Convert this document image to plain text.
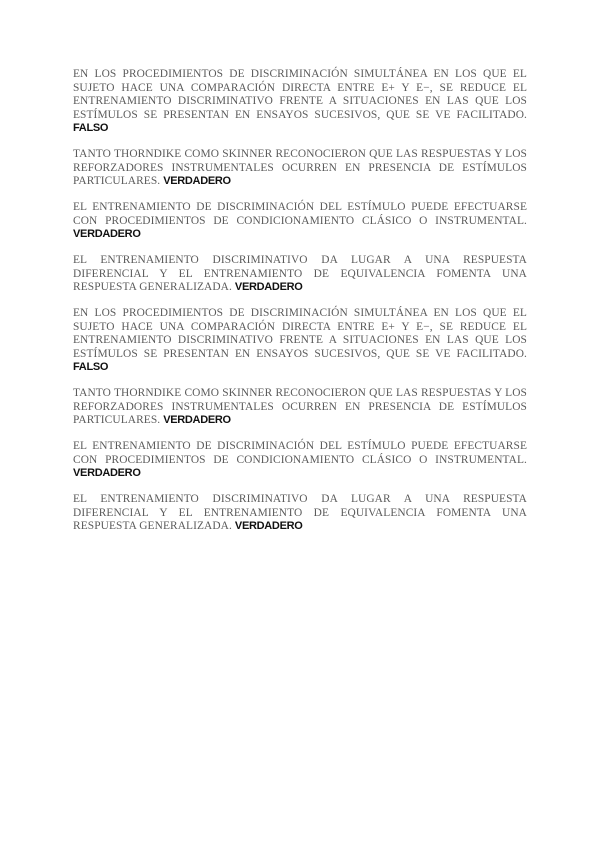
EN LOS PROCEDIMIENTOS DE DISCRIMINACIÓN SIMULTÁNEA EN LOS QUE EL SUJETO HACE UNA COMPARACIÓN DIRECTA ENTRE E+ Y E−, SE REDUCE EL ENTRENAMIENTO DISCRIMINATIVO FRENTE A SITUACIONES EN LAS QUE LOS ESTÍMULOS SE PRESENTAN EN ENSAYOS SUCESIVOS, QUE SE VE FACILITADO. FALSO

TANTO THORNDIKE COMO SKINNER RECONOCIERON QUE LAS RESPUESTAS Y LOS REFORZADORES INSTRUMENTALES OCURREN EN PRESENCIA DE ESTÍMULOS PARTICULARES. VERDADERO

EL ENTRENAMIENTO DE DISCRIMINACIÓN DEL ESTÍMULO PUEDE EFECTUARSE CON PROCEDIMIENTOS DE CONDICIONAMIENTO CLÁSICO O INSTRUMENTAL. VERDADERO

EL ENTRENAMIENTO DISCRIMINATIVO DA LUGAR A UNA RESPUESTA DIFERENCIAL Y EL ENTRENAMIENTO DE EQUIVALENCIA FOMENTA UNA RESPUESTA GENERALIZADA. VERDADERO

EN LOS PROCEDIMIENTOS DE DISCRIMINACIÓN SIMULTÁNEA EN LOS QUE EL SUJETO HACE UNA COMPARACIÓN DIRECTA ENTRE E+ Y E−, SE REDUCE EL ENTRENAMIENTO DISCRIMINATIVO FRENTE A SITUACIONES EN LAS QUE LOS ESTÍMULOS SE PRESENTAN EN ENSAYOS SUCESIVOS, QUE SE VE FACILITADO. FALSO

TANTO THORNDIKE COMO SKINNER RECONOCIERON QUE LAS RESPUESTAS Y LOS REFORZADORES INSTRUMENTALES OCURREN EN PRESENCIA DE ESTÍMULOS PARTICULARES. VERDADERO

EL ENTRENAMIENTO DE DISCRIMINACIÓN DEL ESTÍMULO PUEDE EFECTUARSE CON PROCEDIMIENTOS DE CONDICIONAMIENTO CLÁSICO O INSTRUMENTAL. VERDADERO

EL ENTRENAMIENTO DISCRIMINATIVO DA LUGAR A UNA RESPUESTA DIFERENCIAL Y EL ENTRENAMIENTO DE EQUIVALENCIA FOMENTA UNA RESPUESTA GENERALIZADA. VERDADERO
